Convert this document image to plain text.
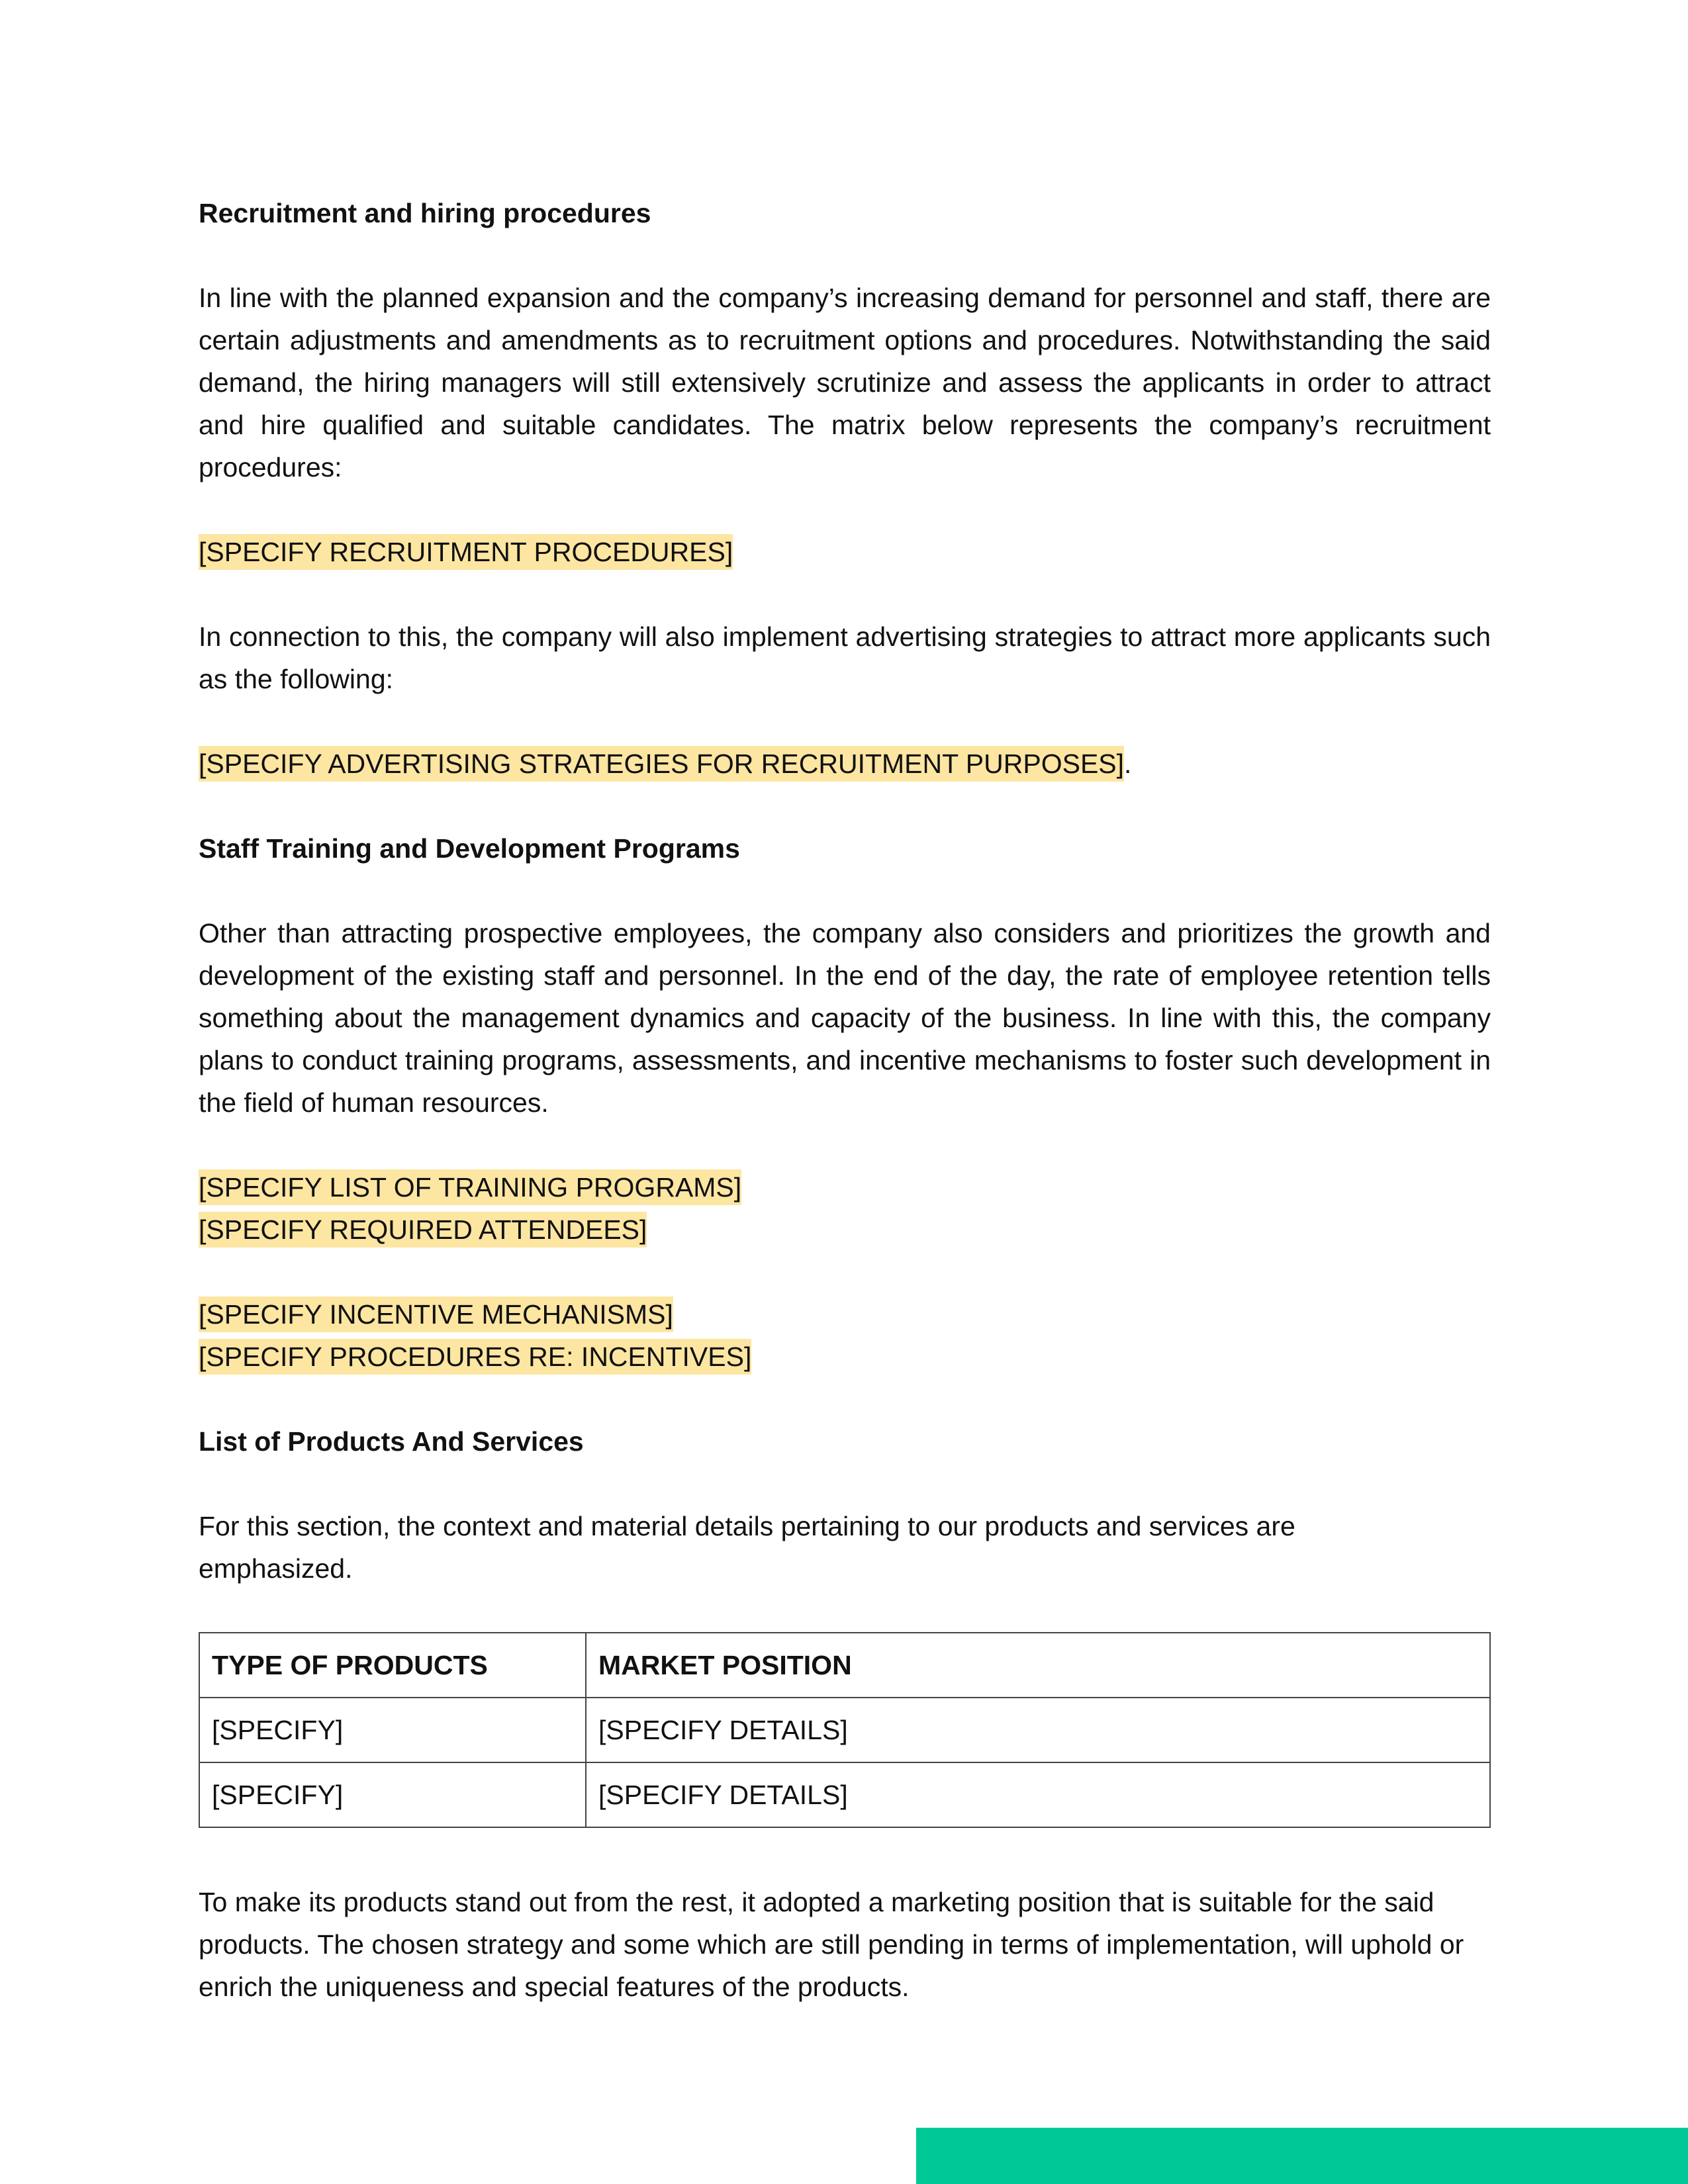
Recruitment and hiring procedures

In line with the planned expansion and the company’s increasing demand for personnel and staff, there are certain adjustments and amendments as to recruitment options and procedures. Notwithstanding the said demand, the hiring managers will still extensively scrutinize and assess the applicants in order to attract and hire qualified and suitable candidates. The matrix below represents the company’s recruitment procedures:

[SPECIFY RECRUITMENT PROCEDURES]

In connection to this, the company will also implement advertising strategies to attract more applicants such as the following:

[SPECIFY ADVERTISING STRATEGIES FOR RECRUITMENT PURPOSES].

Staff Training and Development Programs

Other than attracting prospective employees, the company also considers and prioritizes the growth and development of the existing staff and personnel. In the end of the day, the rate of employee retention tells something about the management dynamics and capacity of the business. In line with this, the company plans to conduct training programs, assessments, and incentive mechanisms to foster such development in the field of human resources.

[SPECIFY LIST OF TRAINING PROGRAMS]
[SPECIFY REQUIRED ATTENDEES]
[SPECIFY INCENTIVE MECHANISMS]
[SPECIFY PROCEDURES RE: INCENTIVES]

List of Products And Services

For this section, the context and material details pertaining to our products and services are
emphasized.
TYPE OF PRODUCTS	MARKET POSITION
[SPECIFY]	[SPECIFY DETAILS]
[SPECIFY]	[SPECIFY DETAILS]

To make its products stand out from the rest, it adopted a marketing position that is suitable for the said products. The chosen strategy and some which are still pending in terms of implementation, will uphold or enrich the uniqueness and special features of the products.
